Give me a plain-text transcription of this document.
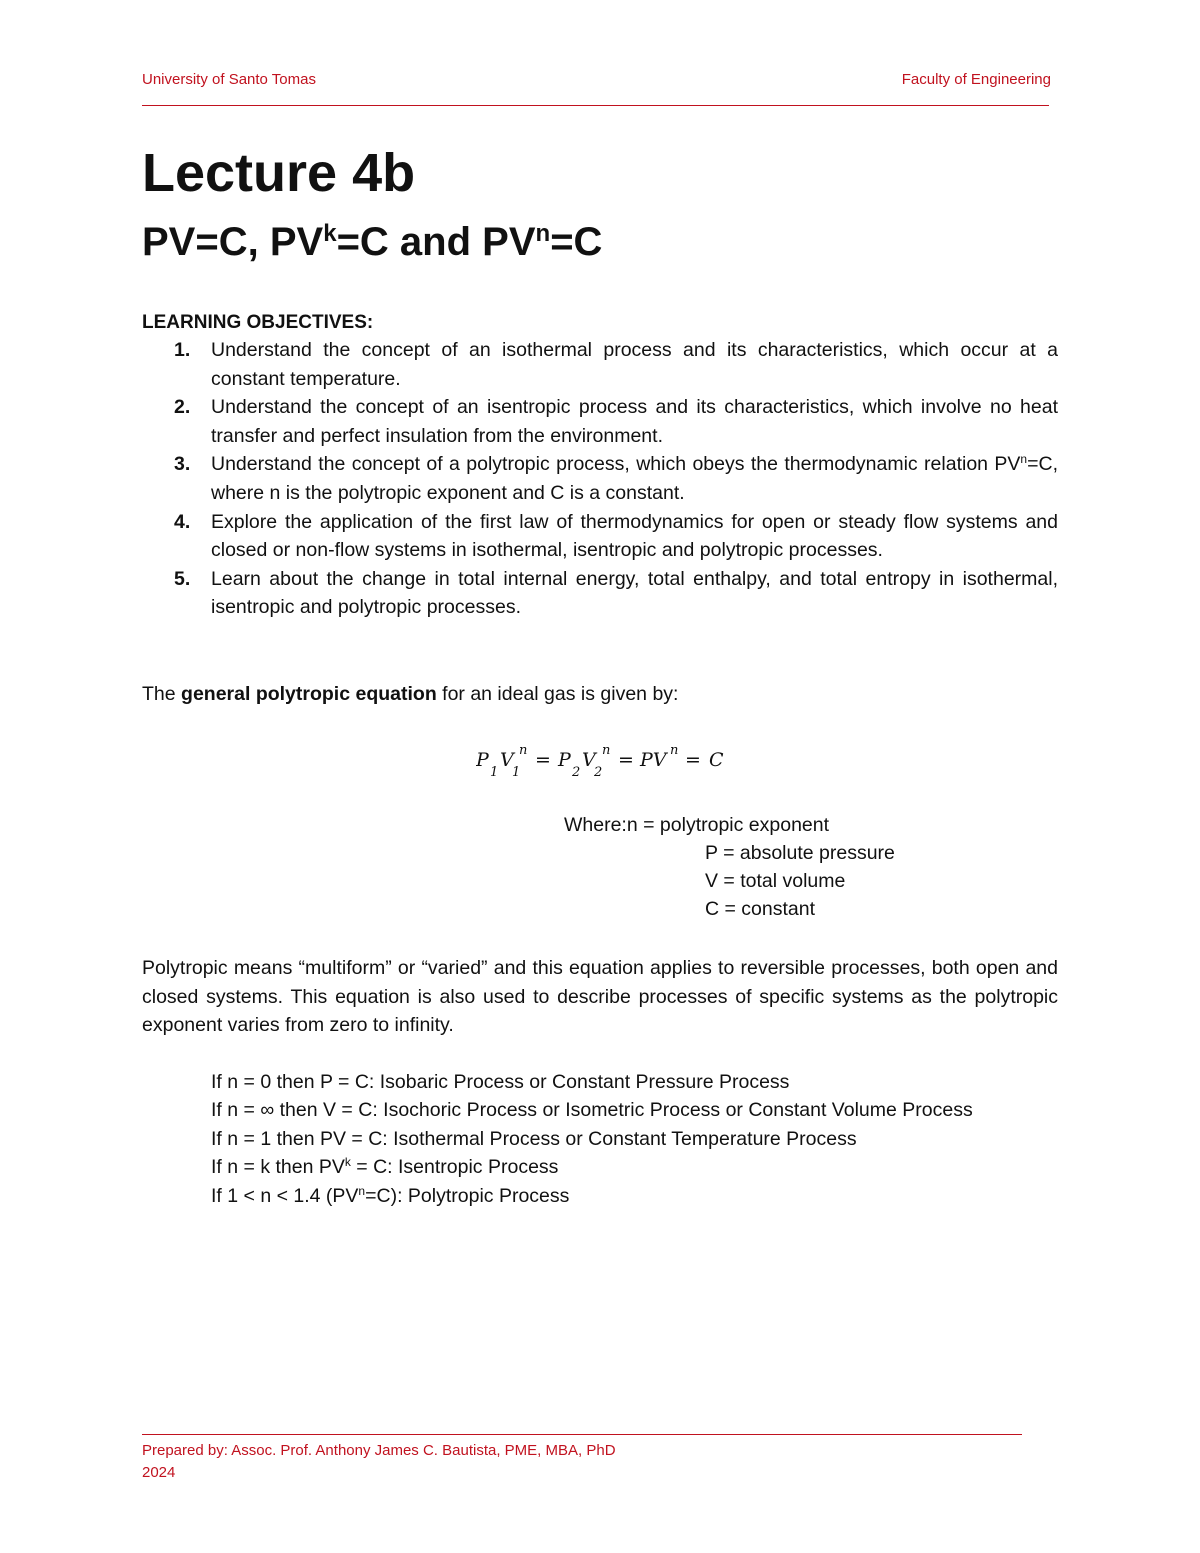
University of Santo Tomas	Faculty of Engineering
Lecture 4b
PV=C, $PV^k=C$ and $PV^n=C$
LEARNING OBJECTIVES:
1. Understand the concept of an isothermal process and its characteristics, which occur at a constant temperature.
2. Understand the concept of an isentropic process and its characteristics, which involve no heat transfer and perfect insulation from the environment.
3. Understand the concept of a polytropic process, which obeys the thermodynamic relation $PV^n=C$, where n is the polytropic exponent and C is a constant.
4. Explore the application of the first law of thermodynamics for open or steady flow systems and closed or non-flow systems in isothermal, isentropic and polytropic processes.
5. Learn about the change in total internal energy, total enthalpy, and total entropy in isothermal, isentropic and polytropic processes.
The general polytropic equation for an ideal gas is given by:
P
1
V
1
n = P
2
V
2
n = PV n = C
Where:n = polytropic exponent
P = absolute pressure
V = total volume
C = constant

Polytropic means “multiform” or “varied” and this equation applies to reversible processes, both open and closed systems. This equation is also used to describe processes of specific systems as the polytropic exponent varies from zero to infinity.

If n = 0 then P = C: Isobaric Process or Constant Pressure Process
If n = ∞ then V = C: Isochoric Process or Isometric Process or Constant Volume Process
If n = 1 then PV = C: Isothermal Process or Constant Temperature Process
If n = k then $PV^k = C$: Isentropic Process
If 1 < n < 1.4 $(PV^n=C)$: Polytropic Process
Prepared by: Assoc. Prof. Anthony James C. Bautista, PME, MBA, PhD
2024
